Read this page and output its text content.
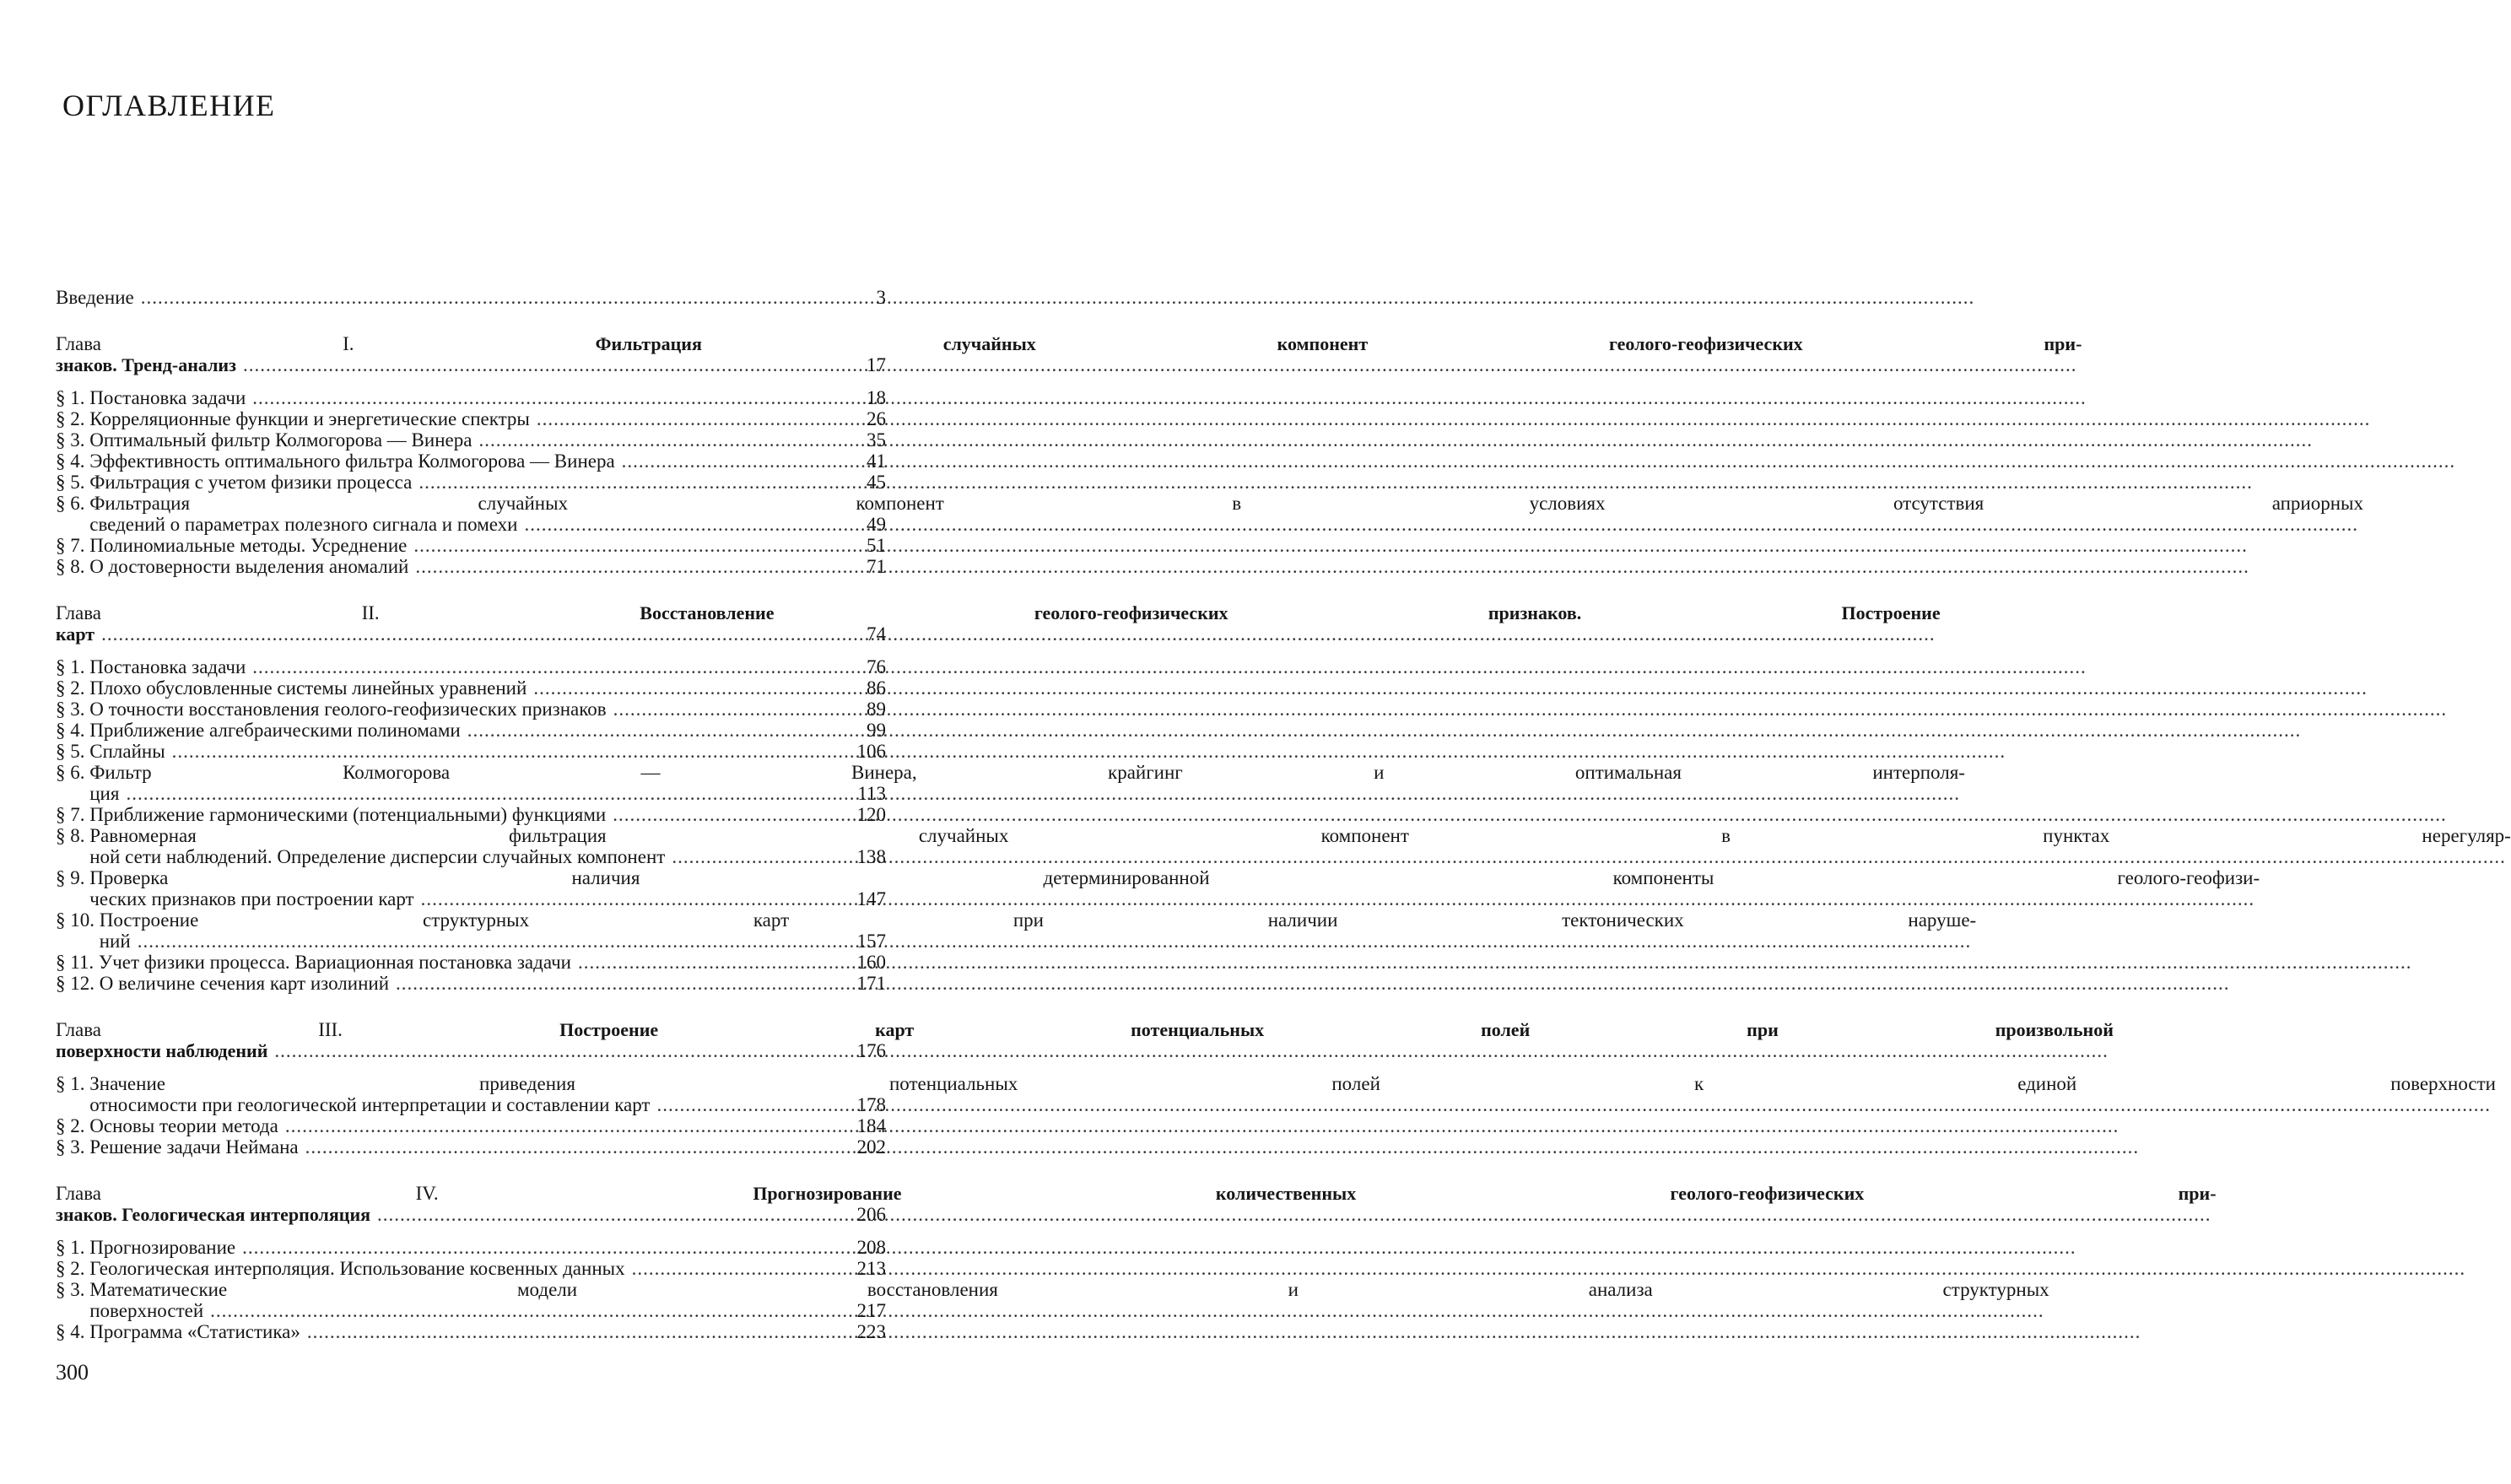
ОГЛАВЛЕНИЕ
Введение .....	3
Глава I. Фильтрация случайных компонент геолого-геофизических при-
знаков. Тренд-анализ .....	17
§ 1. Постановка задачи .....	18
§ 2. Корреляционные функции и энергетические спектры .....	26
§ 3. Оптимальный фильтр Колмогорова — Винера .....	35
§ 4. Эффективность оптимального фильтра Колмогорова — Винера .....	41
§ 5. Фильтрация с учетом физики процесса .....	45
§ 6. Фильтрация случайных компонент в условиях отсутствия априорных
сведений о параметрах полезного сигнала и помехи .....	49
§ 7. Полиномиальные методы. Усреднение .....	51
§ 8. О достоверности выделения аномалий .....	71
Глава II. Восстановление геолого-геофизических признаков. Построение
карт .....	74
§ 1. Постановка задачи .....	76
§ 2. Плохо обусловленные системы линейных уравнений .....	86
§ 3. О точности восстановления геолого-геофизических признаков .....	89
§ 4. Приближение алгебраическими полиномами .....	99
§ 5. Сплайны .....	106
§ 6. Фильтр Колмогорова — Винера, крайгинг и оптимальная интерполя-
ция .....	113
§ 7. Приближение гармоническими (потенциальными) функциями .....	120
§ 8. Равномерная фильтрация случайных компонент в пунктах нерегуляр-
ной сети наблюдений. Определение дисперсии случайных компонент .....	138
§ 9. Проверка наличия детерминированной компоненты геолого-геофизи-
ческих признаков при построении карт .....	147
§ 10. Построение структурных карт при наличии тектонических наруше-
ний .....	157
§ 11. Учет физики процесса. Вариационная постановка задачи .....	160
§ 12. О величине сечения карт изолиний .....	171
Глава III. Построение карт потенциальных полей при произвольной
поверхности наблюдений .....	176
§ 1. Значение приведения потенциальных полей к единой поверхности
относимости при геологической интерпретации и составлении карт .....	178
§ 2. Основы теории метода .....	184
§ 3. Решение задачи Неймана .....	202
Глава IV. Прогнозирование количественных геолого-геофизических при-
знаков. Геологическая интерполяция .....	206
§ 1. Прогнозирование .....	208
§ 2. Геологическая интерполяция. Использование косвенных данных .....	213
§ 3. Математические модели восстановления и анализа структурных
поверхностей .....	217
§ 4. Программа «Статистика» .....	223
300
